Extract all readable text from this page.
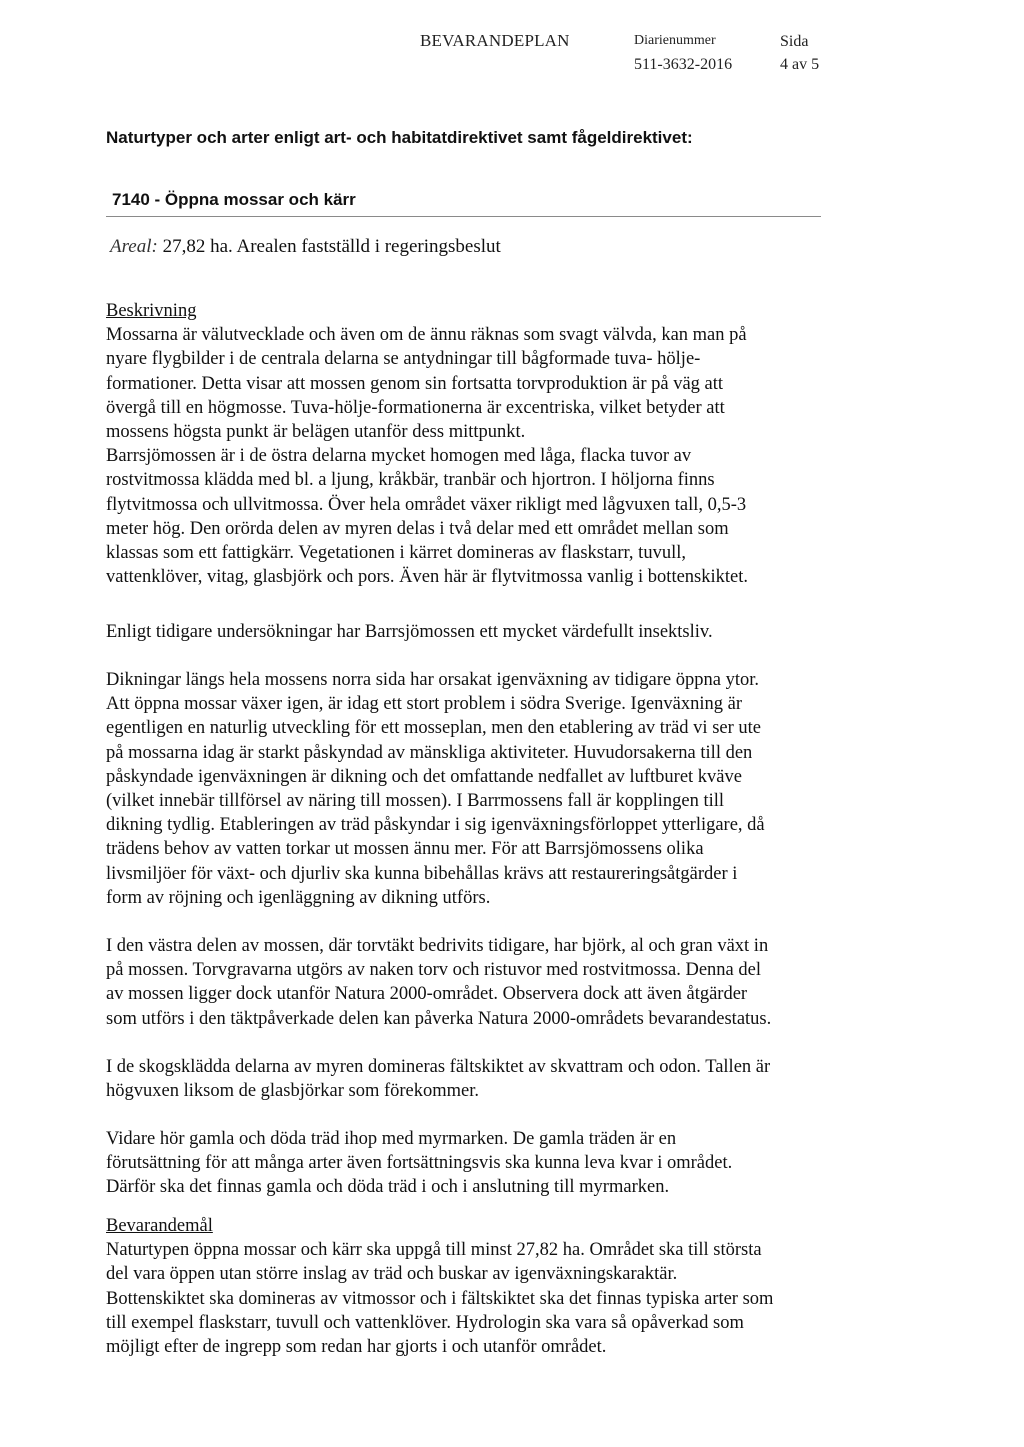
BEVARANDEPLAN	Diarienummer
511-3632-2016
Sida
4 av 5
Naturtyper och arter enligt art- och habitatdirektivet samt fågeldirektivet:
7140 - Öppna mossar och kärr
Areal: 27,82 ha. Arealen fastställd i regeringsbeslut

Beskrivning

Mossarna är välutvecklade och även om de ännu räknas som svagt välvda, kan man på
nyare flygbilder i de centrala delarna se antydningar till bågformade tuva- hölje-
formationer. Detta visar att mossen genom sin fortsatta torvproduktion är på väg att
övergå till en högmosse. Tuva-hölje-formationerna är excentriska, vilket betyder att
mossens högsta punkt är belägen utanför dess mittpunkt.
Barrsjömossen är i de östra delarna mycket homogen med låga, flacka tuvor av
rostvitmossa klädda med bl. a ljung, kråkbär, tranbär och hjortron. I höljorna finns
flytvitmossa och ullvitmossa. Över hela området växer rikligt med lågvuxen tall, 0,5-3
meter hög. Den orörda delen av myren delas i två delar med ett området mellan som
klassas som ett fattigkärr. Vegetationen i kärret domineras av flaskstarr, tuvull,
vattenklöver, vitag, glasbjörk och pors. Även här är flytvitmossa vanlig i bottenskiktet.

Enligt tidigare undersökningar har Barrsjömossen ett mycket värdefullt insektsliv.

Dikningar längs hela mossens norra sida har orsakat igenväxning av tidigare öppna ytor.
Att öppna mossar växer igen, är idag ett stort problem i södra Sverige. Igenväxning är
egentligen en naturlig utveckling för ett mosseplan, men den etablering av träd vi ser ute
på mossarna idag är starkt påskyndad av mänskliga aktiviteter. Huvudorsakerna till den
påskyndade igenväxningen är dikning och det omfattande nedfallet av luftburet kväve
(vilket innebär tillförsel av näring till mossen). I Barrmossens fall är kopplingen till
dikning tydlig. Etableringen av träd påskyndar i sig igenväxningsförloppet ytterligare, då
trädens behov av vatten torkar ut mossen ännu mer. För att Barrsjömossens olika
livsmiljöer för växt- och djurliv ska kunna bibehållas krävs att restaureringsåtgärder i
form av röjning och igenläggning av dikning utförs.

I den västra delen av mossen, där torvtäkt bedrivits tidigare, har björk, al och gran växt in
på mossen. Torvgravarna utgörs av naken torv och ristuvor med rostvitmossa. Denna del
av mossen ligger dock utanför Natura 2000-området. Observera dock att även åtgärder
som utförs i den täktpåverkade delen kan påverka Natura 2000-områdets bevarandestatus.

I de skogsklädda delarna av myren domineras fältskiktet av skvattram och odon. Tallen är
högvuxen liksom de glasbjörkar som förekommer.

Vidare hör gamla och döda träd ihop med myrmarken. De gamla träden är en
förutsättning för att många arter även fortsättningsvis ska kunna leva kvar i området.
Därför ska det finnas gamla och döda träd i och i anslutning till myrmarken.

Bevarandemål

Naturtypen öppna mossar och kärr ska uppgå till minst 27,82 ha. Området ska till största
del vara öppen utan större inslag av träd och buskar av igenväxningskaraktär.
Bottenskiktet ska domineras av vitmossor och i fältskiktet ska det finnas typiska arter som
till exempel flaskstarr, tuvull och vattenklöver. Hydrologin ska vara så opåverkad som
möjligt efter de ingrepp som redan har gjorts i och utanför området.
